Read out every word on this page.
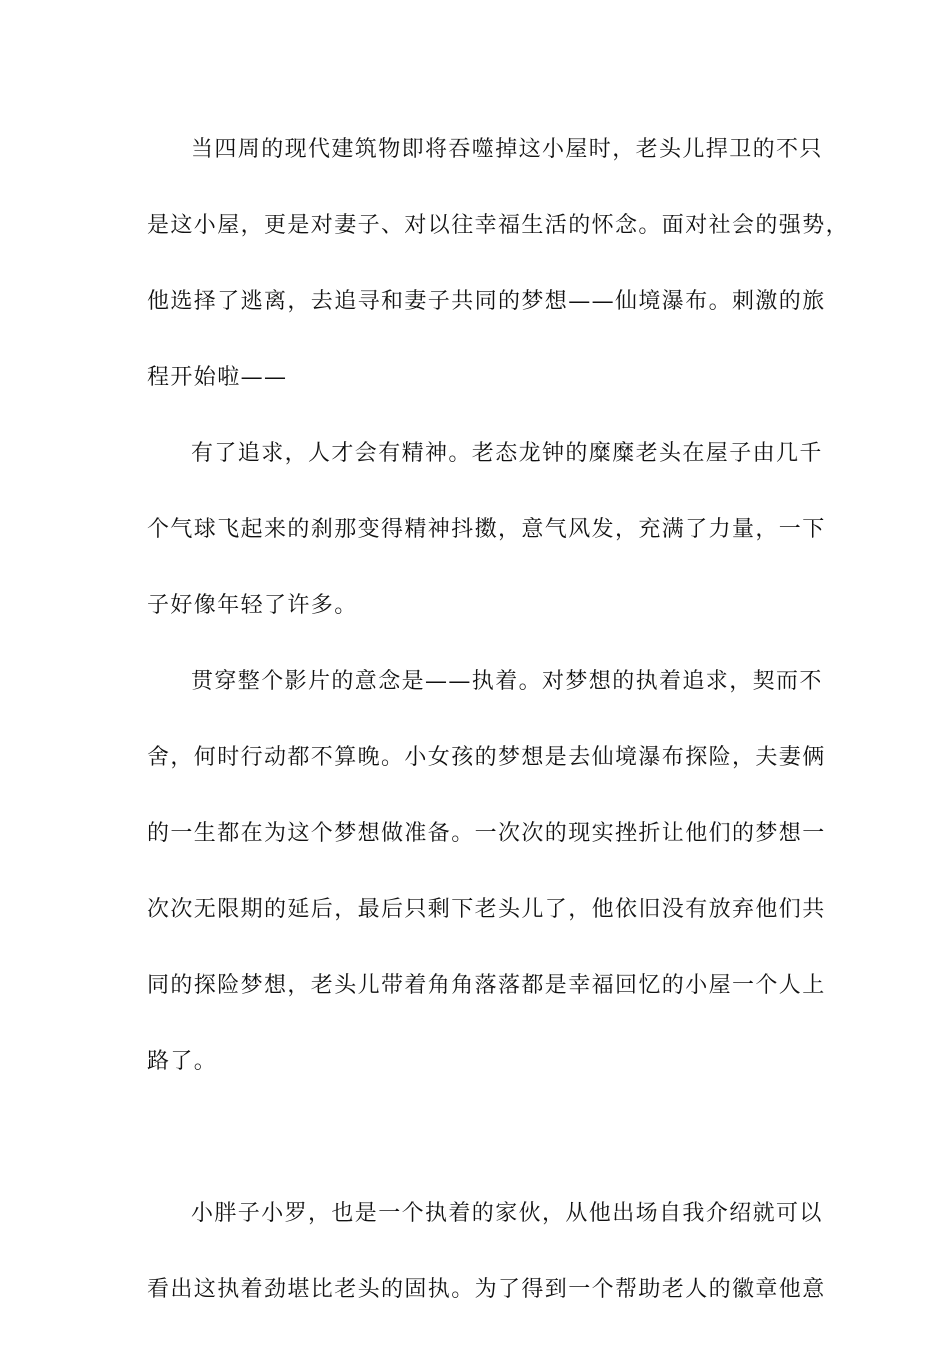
当四周的现代建筑物即将吞噬掉这小屋时，老头儿捍卫的不只
是这小屋，更是对妻子、对以往幸福生活的怀念。面对社会的强势，
他选择了逃离，去追寻和妻子共同的梦想——仙境瀑布。刺激的旅
程开始啦——
有了追求，人才会有精神。老态龙钟的糜糜老头在屋子由几千
个气球飞起来的刹那变得精神抖擞，意气风发，充满了力量，一下
子好像年轻了许多。
贯穿整个影片的意念是——执着。对梦想的执着追求，契而不
舍，何时行动都不算晚。小女孩的梦想是去仙境瀑布探险，夫妻俩
的一生都在为这个梦想做准备。一次次的现实挫折让他们的梦想一
次次无限期的延后，最后只剩下老头儿了，他依旧没有放弃他们共
同的探险梦想，老头儿带着角角落落都是幸福回忆的小屋一个人上
路了。
小胖子小罗，也是一个执着的家伙，从他出场自我介绍就可以
看出这执着劲堪比老头的固执。为了得到一个帮助老人的徽章他意
